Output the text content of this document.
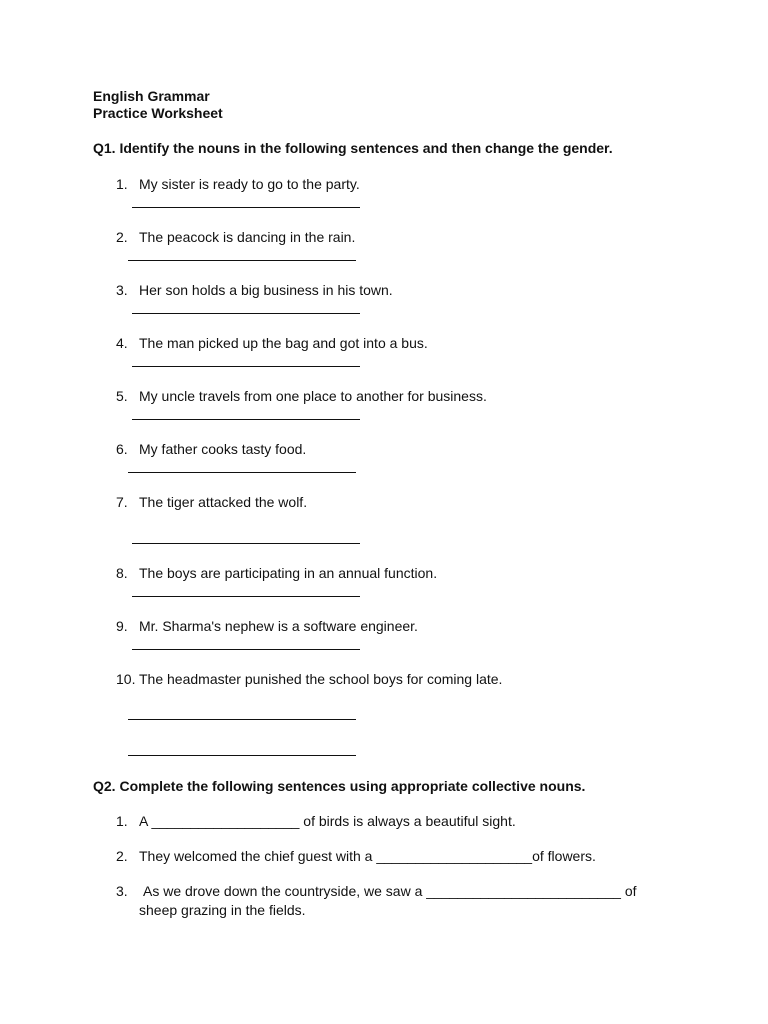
English Grammar
Practice Worksheet
Q1. Identify the nouns in the following sentences and then change the gender.
1. My sister is ready to go to the party.
2. The peacock is dancing in the rain.
3. Her son holds a big business in his town.
4. The man picked up the bag and got into a bus.
5. My uncle travels from one place to another for business.
6. My father cooks tasty food.
7. The tiger attacked the wolf.
8. The boys are participating in an annual function.
9. Mr. Sharma's nephew is a software engineer.
10. The headmaster punished the school boys for coming late.
Q2. Complete the following sentences using appropriate collective nouns.
1. A ___________________ of birds is always a beautiful sight.
2. They welcomed the chief guest with a ____________________of flowers.
3. As we drove down the countryside, we saw a _________________________ of
sheep grazing in the fields.
